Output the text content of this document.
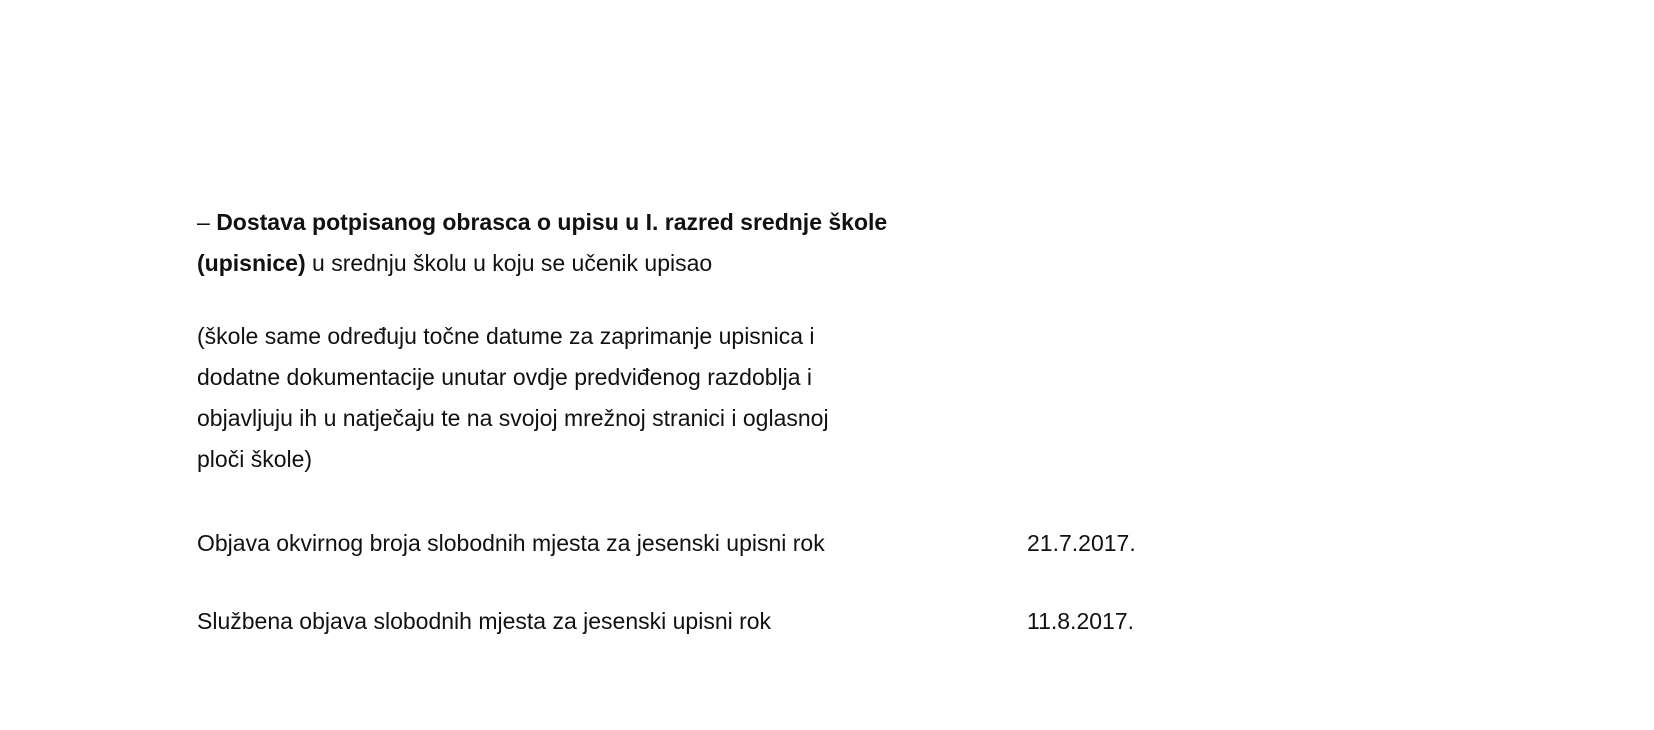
– Dostava potpisanog obrasca o upisu u I. razred srednje škole

(upisnice) u srednju školu u koju se učenik upisao

(škole same određuju točne datume za zaprimanje upisnica i

dodatne dokumentacije unutar ovdje predviđenog razdoblja i

objavljuju ih u natječaju te na svojoj mrežnoj stranici i oglasnoj

ploči škole)

Objava okvirnog broja slobodnih mjesta za jesenski upisni rok	21.7.2017.
Službena objava slobodnih mjesta za jesenski upisni rok	11.8.2017.
